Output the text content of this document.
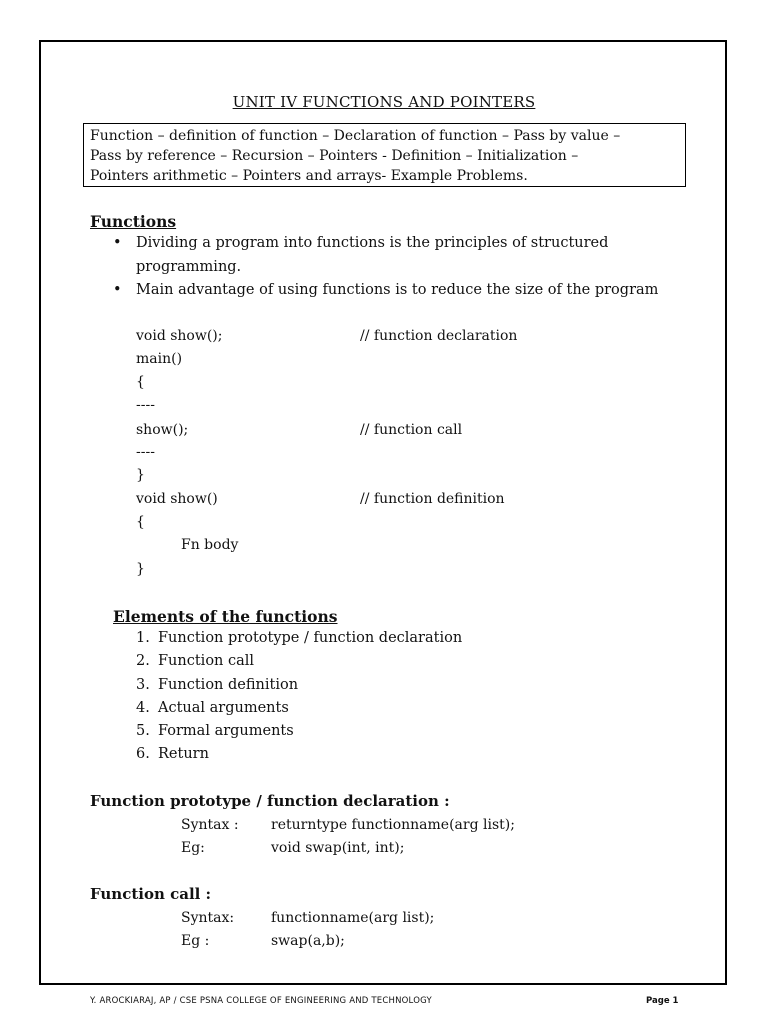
UNIT IV FUNCTIONS AND POINTERS
Function – definition of function – Declaration of function – Pass by value –
Pass by reference – Recursion – Pointers - Definition – Initialization –
Pointers arithmetic – Pointers and arrays- Example Problems.
Functions
• Dividing a program into functions is the principles of structured
programming.
• Main advantage of using functions is to reduce the size of the program
void show();	// function declaration
main()
{
----
show();	// function call
----
}
void show()	// function definition
{
Fn body
}
Elements of the functions
1. Function prototype / function declaration
2. Function call
3. Function definition
4. Actual arguments
5. Formal arguments
6. Return
Function prototype / function declaration :
Syntax : returntype functionname(arg list);
Eg:	void swap(int, int);
Function call :
Syntax:	functionname(arg list);
Eg :	swap(a,b);
Y. AROCKIARAJ, AP / CSE PSNA COLLEGE OF ENGINEERING AND TECHNOLOGY	Page 1
